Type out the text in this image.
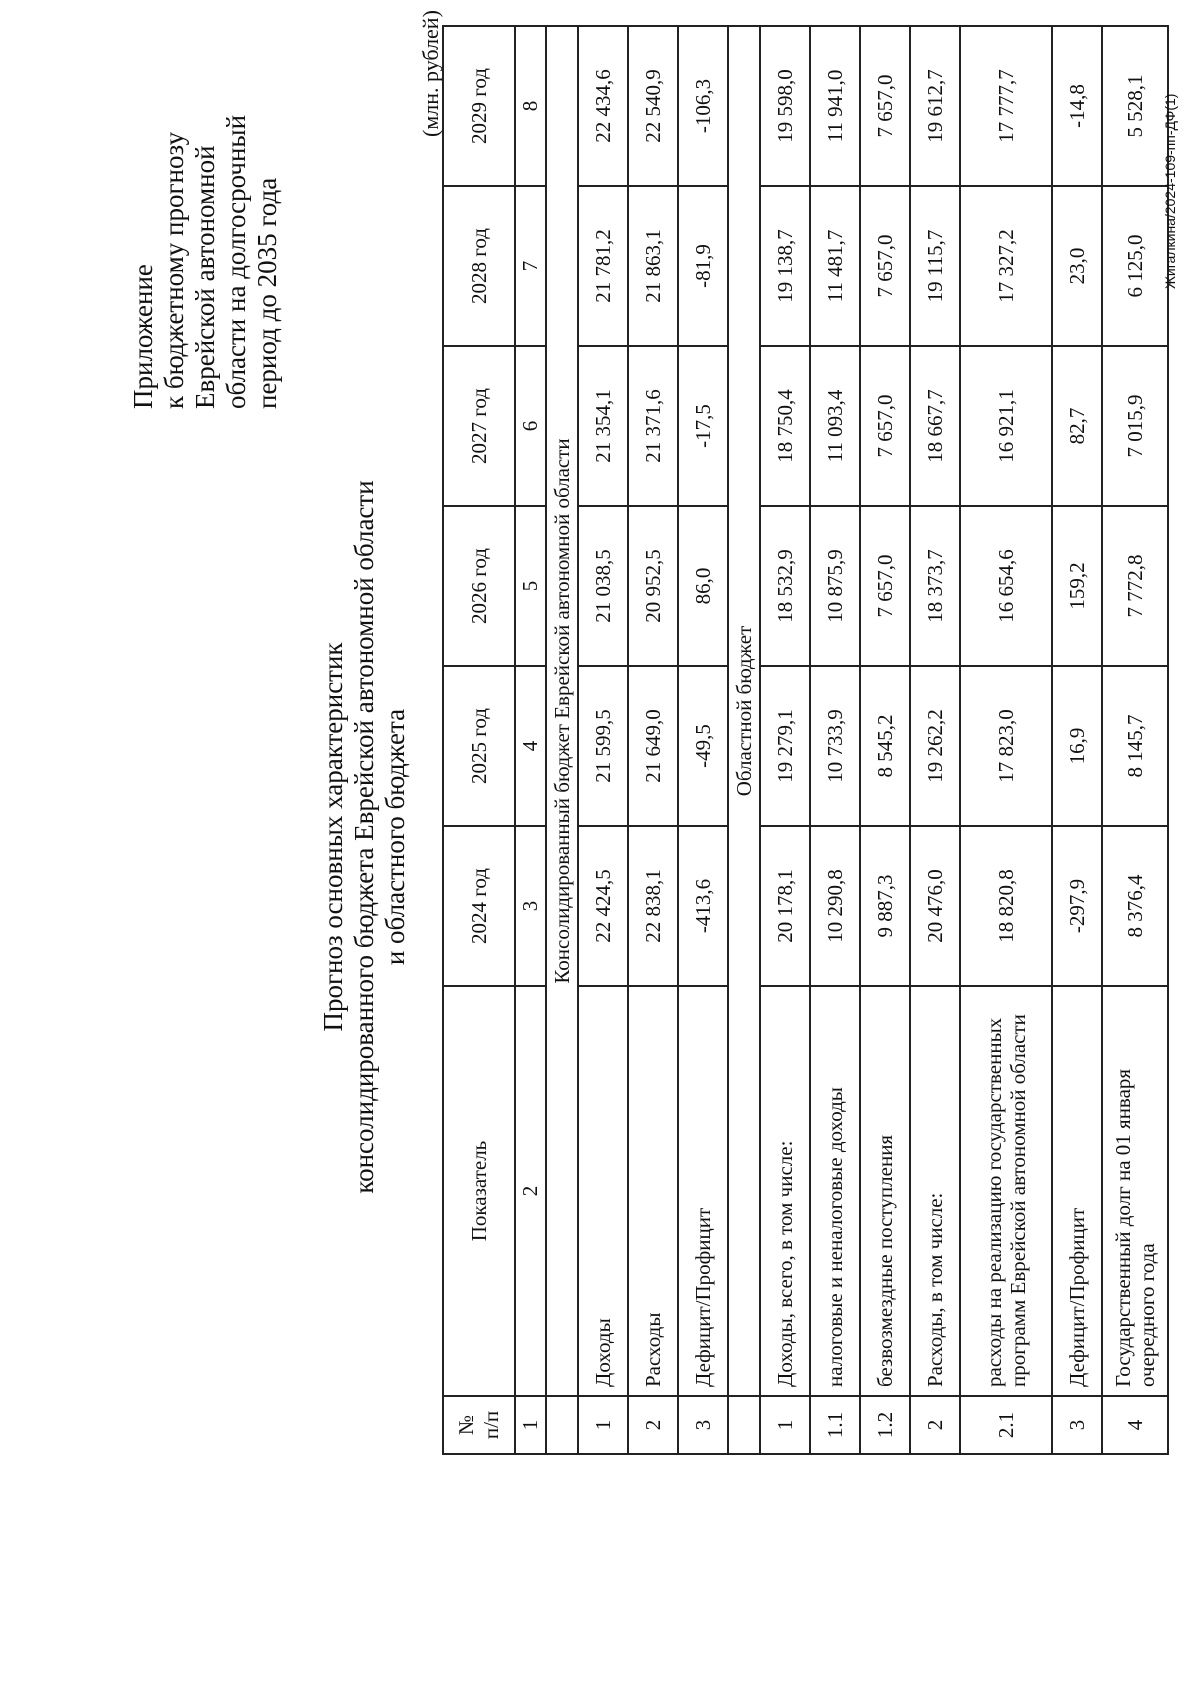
Приложение к бюджетному прогнозу Еврейской автономной области на долгосрочный период до 2035 года
Прогноз основных характеристик консолидированного бюджета Еврейской автономной области и областного бюджета
(млн. рублей)
№ п/п	Показатель	2024 год	2025 год	2026 год	2027 год	2028 год	2029 год
1	2	3	4	5	6	7	8
	Консолидированный бюджет Еврейской автономной области						
1	Доходы	22 424,5	21 599,5	21 038,5	21 354,1	21 781,2	22 434,6
2	Расходы	22 838,1	21 649,0	20 952,5	21 371,6	21 863,1	22 540,9
3	Дефицит/Профицит	-413,6	-49,5	86,0	-17,5	-81,9	-106,3
	Областной бюджет						
1	Доходы, всего, в том числе:	20 178,1	19 279,1	18 532,9	18 750,4	19 138,7	19 598,0
1.1	налоговые и неналоговые доходы	10 290,8	10 733,9	10 875,9	11 093,4	11 481,7	11 941,0
1.2	безвозмездные поступления	9 887,3	8 545,2	7 657,0	7 657,0	7 657,0	7 657,0
2	Расходы, в том числе:	20 476,0	19 262,2	18 373,7	18 667,7	19 115,7	19 612,7
2.1	расходы на реализацию государственных программ Еврейской автономной области	18 820,8	17 823,0	16 654,6	16 921,1	17 327,2	17 777,7
3	Дефицит/Профицит	-297,9	16,9	159,2	82,7	23,0	-14,8
4	Государственный долг на 01 января очередного года	8 376,4	8 145,7	7 772,8	7 015,9	6 125,0	5 528,1 Жигалкина/2024-109-пп-ДФ(1)
